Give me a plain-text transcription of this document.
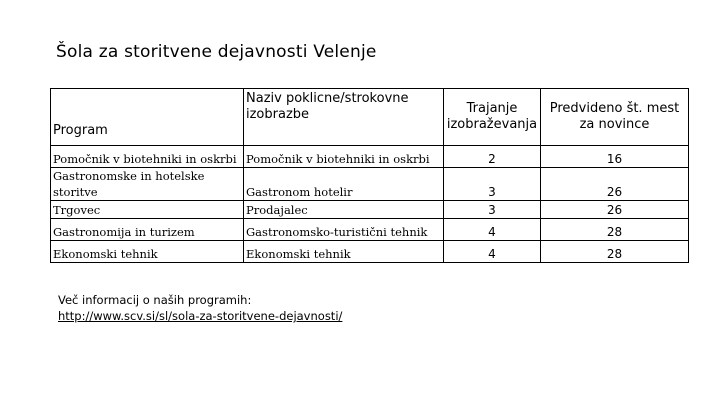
Šola za storitvene dejavnosti Velenje
Program	Naziv poklicne/strokovne izobrazbe	Trajanje izobraževanja	Predvideno št. mest za novince
Pomočnik v biotehniki in oskrbi	Pomočnik v biotehniki in oskrbi	2	16
Gastronomske in hotelske storitve	Gastronom hotelir	3	26
Trgovec	Prodajalec	3	26
Gastronomija in turizem	Gastronomsko-turistični tehnik	4	28
Ekonomski tehnik	Ekonomski tehnik	4	28
Več informacij o naših programih:
http://www.scv.si/sl/sola-za-storitvene-dejavnosti/
